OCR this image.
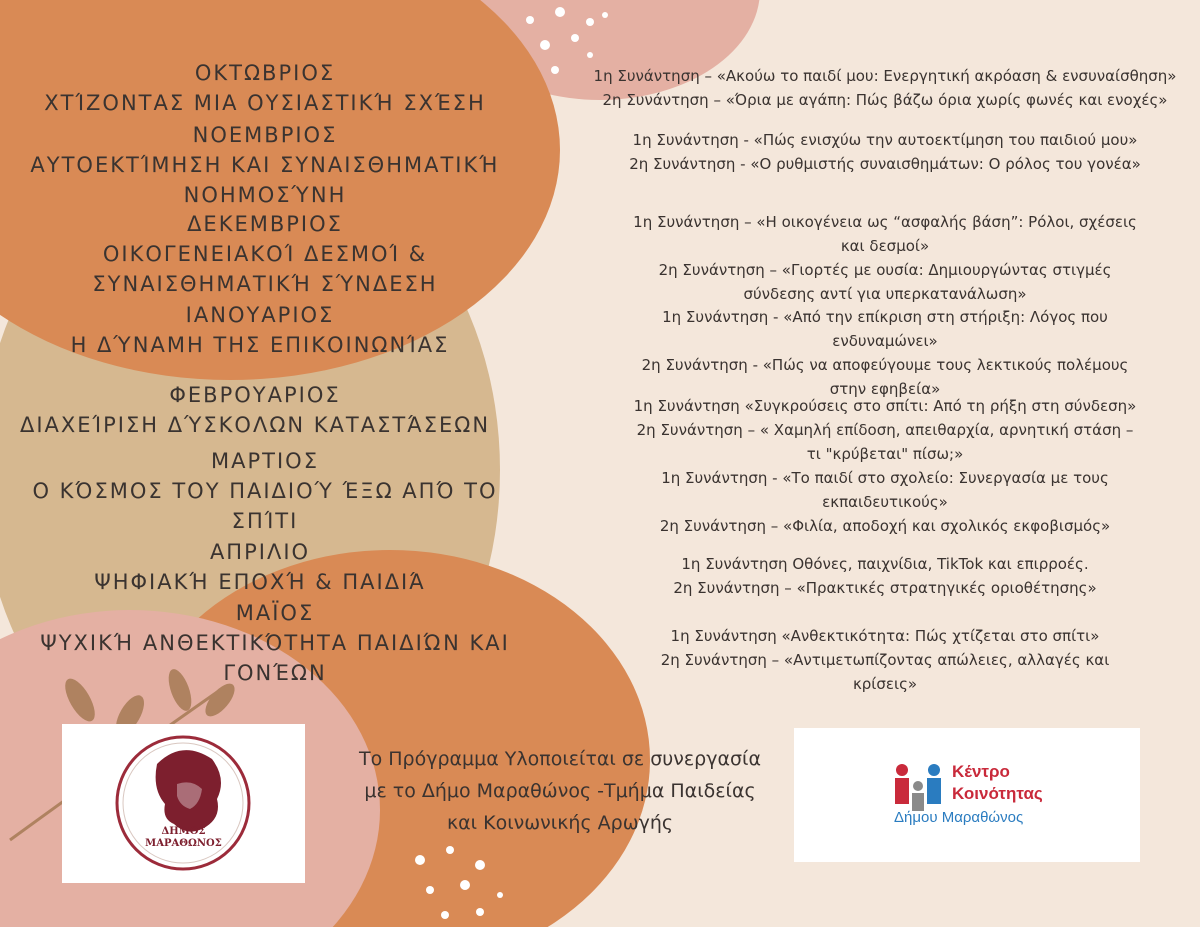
ΟΚΤΩΒΡΙΟΣ
ΧΤΊΖΟΝΤΑΣ ΜΙΑ ΟΥΣΙΑΣΤΙΚΉ ΣΧΈΣΗ
ΝΟΕΜΒΡΙΟΣ
ΑΥΤΟΕΚΤΊΜΗΣΗ ΚΑΙ ΣΥΝΑΙΣΘΗΜΑΤΙΚΉ
ΝΟΗΜΟΣΎΝΗ
ΔΕΚΕΜΒΡΙΟΣ
ΟΙΚΟΓΕΝΕΙΑΚΟΊ ΔΕΣΜΟΊ &
ΣΥΝΑΙΣΘΗΜΑΤΙΚΉ ΣΎΝΔΕΣΗ
ΙΑΝΟΥΑΡΙΟΣ
Η ΔΎΝΑΜΗ ΤΗΣ ΕΠΙΚΟΙΝΩΝΊΑΣ
ΦΕΒΡΟΥΑΡΙΟΣ
ΔΙΑΧΕΊΡΙΣΗ ΔΎΣΚΟΛΩΝ ΚΑΤΑΣΤΆΣΕΩΝ
ΜΑΡΤΙΟΣ
Ο ΚΌΣΜΟΣ ΤΟΥ ΠΑΙΔΙΟΎ ΈΞΩ ΑΠΌ ΤΟ
ΣΠΊΤΙ
ΑΠΡΙΛΙΟ
ΨΗΦΙΑΚΉ ΕΠΟΧΉ & ΠΑΙΔΙΆ
ΜΑΪΟΣ
ΨΥΧΙΚΉ ΑΝΘΕΚΤΙΚΌΤΗΤΑ ΠΑΙΔΙΏΝ ΚΑΙ
ΓΟΝΈΩΝ
1η Συνάντηση – «Ακούω το παιδί μου: Ενεργητική ακρόαση & ενσυναίσθηση»
2η Συνάντηση – «Όρια με αγάπη: Πώς βάζω όρια χωρίς φωνές και ενοχές»
1η Συνάντηση - «Πώς ενισχύω την αυτοεκτίμηση του παιδιού μου»
2η Συνάντηση - «Ο ρυθμιστής συναισθημάτων: Ο ρόλος του γονέα»
1η Συνάντηση – «Η οικογένεια ως “ασφαλής βάση”: Ρόλοι, σχέσεις
και δεσμοί»
2η Συνάντηση – «Γιορτές με ουσία: Δημιουργώντας στιγμές
σύνδεσης αντί για υπερκατανάλωση»
1η Συνάντηση - «Από την επίκριση στη στήριξη: Λόγος που
ενδυναμώνει»
2η Συνάντηση - «Πώς να αποφεύγουμε τους λεκτικούς πολέμους
στην εφηβεία»
1η Συνάντηση «Συγκρούσεις στο σπίτι: Από τη ρήξη στη σύνδεση»
2η Συνάντηση – « Χαμηλή επίδοση, απειθαρχία, αρνητική στάση –
τι "κρύβεται" πίσω;»
1η Συνάντηση - «Το παιδί στο σχολείο: Συνεργασία με τους
εκπαιδευτικούς»
2η Συνάντηση – «Φιλία, αποδοχή και σχολικός εκφοβισμός»
1η Συνάντηση Οθόνες, παιχνίδια, TikTok και επιρροές.
2η Συνάντηση – «Πρακτικές στρατηγικές οριοθέτησης»
1η Συνάντηση «Ανθεκτικότητα: Πώς χτίζεται στο σπίτι»
2η Συνάντηση – «Αντιμετωπίζοντας απώλειες, αλλαγές και
κρίσεις»
ΔΗΜΟΣ
ΜΑΡΑΘΩΝΟΣ
Το Πρόγραμμα Υλοποιείται σε συνεργασία
με το Δήμο Μαραθώνος -Τμήμα Παιδείας
και Κοινωνικής Αρωγής
Κέντρο
Κοινότητας
Δήμου Μαραθώνος
